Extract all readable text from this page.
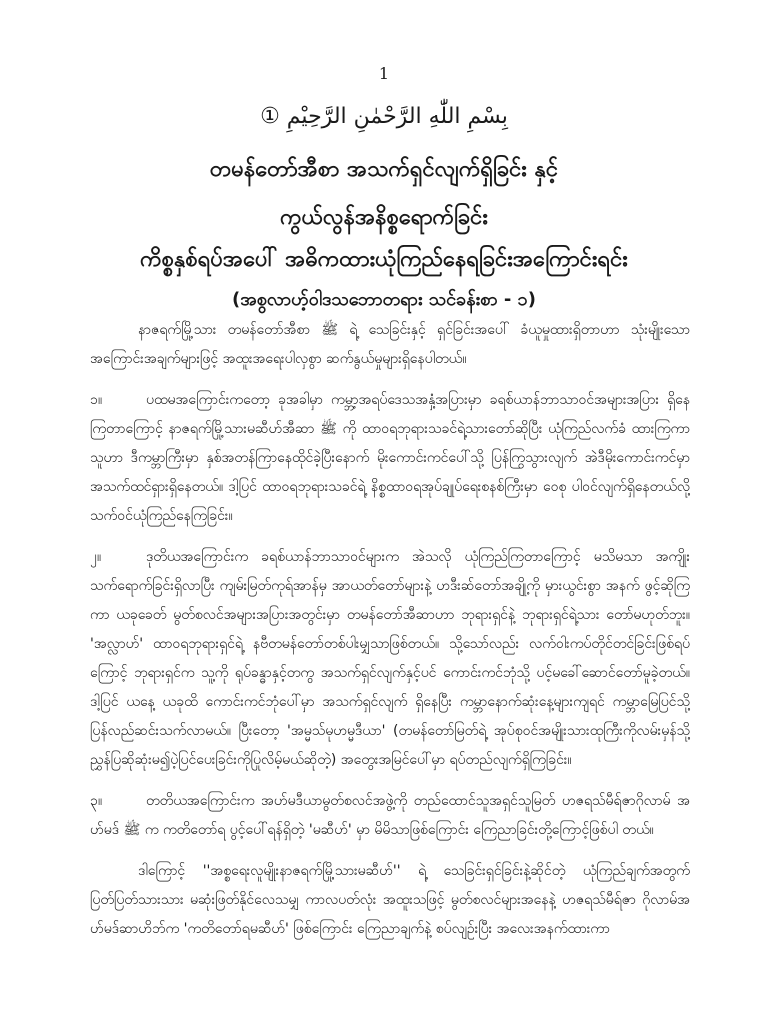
1
بِسْمِ اللّٰهِ الرَّحْمٰنِ الرَّحِيْمِ ①
တမန်တော်အီစာ အသက်ရှင်လျက်ရှိခြင်း နှင့်
ကွယ်လွန်အနိစ္စရောက်ခြင်း
ကိစ္စနှစ်ရပ်အပေါ် အဓိကထားယုံကြည်နေရခြင်းအကြောင်းရင်း
(အစွလာဟ့်ဝါဒသဘောတရား သင်ခန်းစာ - ၁)

နာဇရက်မြို့သား တမန်တော်အီစာ ﷺ ရဲ့ သေခြင်းနှင့် ရှင်ခြင်းအပေါ် ခံယူမှုထားရှိတာဟာ သုံးမျိုးသော အကြောင်းအချက်များဖြင့် အထူးအရေးပါလှစွာ ဆက်နွယ်မှုများရှိနေပါတယ်။

၁။	ပထမအကြောင်းကတော့ ခုအခါမှာ ကမ္ဘာ့အရပ်ဒေသအနှံ့အပြားမှာ ခရစ်ယာန်ဘာသာဝင်အများအပြား ရှိနေကြတာကြောင့် နာဇရက်မြို့သားမဆီဟ်အီဆာ ﷺ ကို ထာဝရဘုရားသခင်ရဲ့သားတော်ဆိုပြီး ယုံကြည်လက်ခံ ထားကြကာ သူဟာ ဒီကမ္ဘာကြီးမှာ နှစ်အတန်ကြာနေထိုင်ခဲ့ပြီးနောက် မိုးကောင်းကင်ပေါ်သို့ ပြန်ကြွသွားလျက် အဲဒီမိုးကောင်းကင်မှာ အသက်ထင်ရှားရှိနေတယ်။ ဒါ့ပြင် ထာဝရဘုရားသခင်ရဲ့ နိစ္စထာဝရအုပ်ချုပ်ရေးစနစ်ကြီးမှာ ဝေစု ပါဝင်လျက်ရှိနေတယ်လို့ သက်ဝင်ယုံကြည်နေကြခြင်း။

၂။	ဒုတိယအကြောင်းက ခရစ်ယာန်ဘာသာဝင်များက အဲသလို ယုံကြည်ကြတာကြောင့် မသိမသာ အကျိုး သက်ရောက်ခြင်းရှိလာပြီး ကျမ်းမြတ်ကုရ်အာန်မှ အာယတ်တော်များနဲ့ ဟဒီးဆ်တော်အချို့ကို မှားယွင်းစွာ အနက် ဖွင့်ဆိုကြကာ ယခုခေတ် မွတ်စလင်အများအပြားအတွင်းမှာ တမန်တော်အီဆာဟာ ဘုရားရှင်နဲ့ ဘုရားရှင်ရဲ့သား တော်မဟုတ်ဘူး။ 'အလ္လာဟ်' ထာဝရဘုရားရှင်ရဲ့ နဗီတမန်တော်တစ်ပါးမျှသာဖြစ်တယ်။ သို့သော်လည်း လက်ဝါးကပ်တိုင်တင်ခြင်းဖြစ်ရပ်ကြောင့် ဘုရားရှင်က သူ့ကို ရုပ်ခန္ဓာနှင့်တကွ အသက်ရှင်လျက်နှင့်ပင် ကောင်းကင်ဘုံသို့ ပင့်မခေါ်ဆောင်တော်မူခဲ့တယ်။ ဒါ့ပြင် ယနေ့ ယခုထိ ကောင်းကင်ဘုံပေါ်မှာ အသက်ရှင်လျက် ရှိနေပြီး ကမ္ဘာနောက်ဆုံးနေ့များကျရင် ကမ္ဘာမြေပြင်သို့ ပြန်လည်ဆင်းသက်လာမယ်။ ပြီးတော့ 'အမ္မသ်မုဟမ္မဒီယာ' (တမန်တော်မြတ်ရဲ့ အုပ်စုဝင်အမျိုးသားထုကြီးကိုလမ်းမှန်သို့ညွှန်ပြဆိုဆုံးမ၍ပဲ့ပြင်ပေးခြင်းကိုပြုလိမ့်မယ်ဆိုတဲ့) အတွေးအမြင်ပေါ်မှာ ရပ်တည်လျက်ရှိကြခြင်း။

၃။	တတိယအကြောင်းက အဟ်မဒီယာမွတ်စလင်အဖွဲ့ကို တည်ထောင်သူအရှင်သူမြတ် ဟဇရသ်မီရ်ဇာဂိုလာမ် အဟ်မဒ် ﷺ က ကတိတော်ရ ပွင့်ပေါ်ရန်ရှိတဲ့ 'မဆီဟ်' မှာ မိမိသာဖြစ်ကြောင်း ကြေညာခြင်းတို့ကြောင့်ဖြစ်ပါ တယ်။

ဒါကြောင့် ''အစ္စရေးလူမျိုးနာဇရက်မြို့သားမဆီဟ်'' ရဲ့ သေခြင်းရှင်ခြင်းနဲ့ဆိုင်တဲ့ ယုံကြည်ချက်အတွက် ပြတ်ပြတ်သားသား မဆုံးဖြတ်နိုင်လေသမျှ ကာလပတ်လုံး အထူးသဖြင့် မွတ်စလင်များအနေနဲ့ ဟဇရသ်မီရ်ဇာ ဂိုလာမ်အဟ်မဒ်ဆာဟိဘ်က 'ကတိတော်ရမဆီဟ်' ဖြစ်ကြောင်း ကြေညာချက်နဲ့ စပ်လျဉ်းပြီး အလေးအနက်ထားကာ
